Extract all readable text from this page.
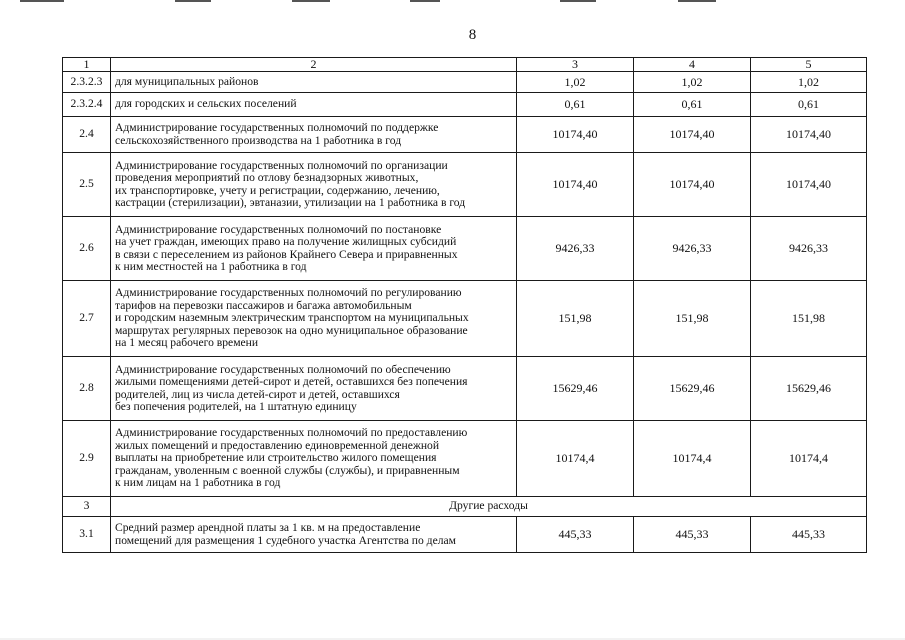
8
1	2	3	4	5
2.3.2.3	для муниципальных районов	1,02	1,02	1,02
2.3.2.4	для городских и сельских поселений	0,61	0,61	0,61
2.4	Администрирование государственных полномочий по поддержке
сельскохозяйственного производства на 1 работника в год	10174,40	10174,40	10174,40
2.5	Администрирование государственных полномочий по организации
проведения мероприятий по отлову безнадзорных животных,
их транспортировке, учету и регистрации, содержанию, лечению,
кастрации (стерилизации), эвтаназии, утилизации на 1 работника в год	10174,40	10174,40	10174,40
2.6	Администрирование государственных полномочий по постановке
на учет граждан, имеющих право на получение жилищных субсидий
в связи с переселением из районов Крайнего Севера и приравненных
к ним местностей на 1 работника в год	9426,33	9426,33	9426,33
2.7	Администрирование государственных полномочий по регулированию
тарифов на перевозки пассажиров и багажа автомобильным
и городским наземным электрическим транспортом на муниципальных
маршрутах регулярных перевозок на одно муниципальное образование
на 1 месяц рабочего времени	151,98	151,98	151,98
2.8	Администрирование государственных полномочий по обеспечению
жилыми помещениями детей-сирот и детей, оставшихся без попечения
родителей, лиц из числа детей-сирот и детей, оставшихся
без попечения родителей, на 1 штатную единицу	15629,46	15629,46	15629,46
2.9	Администрирование государственных полномочий по предоставлению
жилых помещений и предоставлению единовременной денежной
выплаты на приобретение или строительство жилого помещения
гражданам, уволенным с военной службы (службы), и приравненным
к ним лицам на 1 работника в год	10174,4	10174,4	10174,4
3	Другие расходы			
3.1	Средний размер арендной платы за 1 кв. м на предоставление
помещений для размещения 1 судебного участка Агентства по делам	445,33	445,33	445,33
